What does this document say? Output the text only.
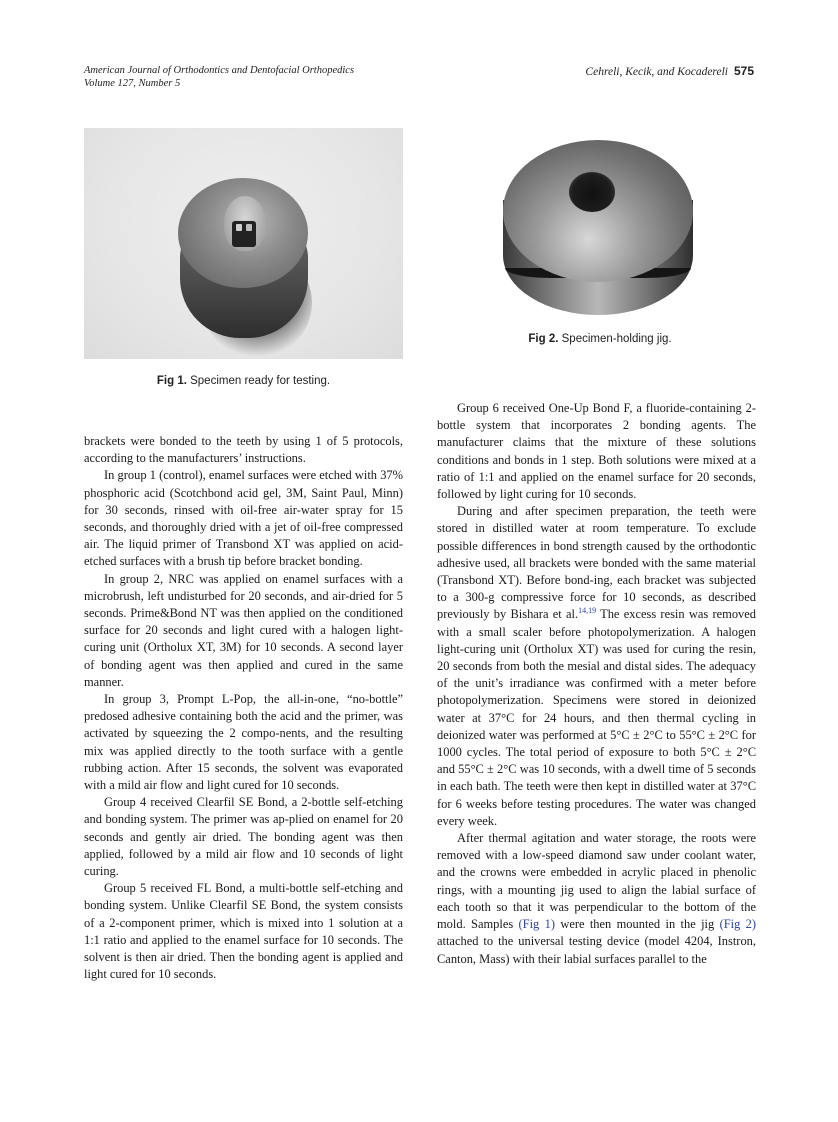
American Journal of Orthodontics and Dentofacial Orthopedics
Volume 127, Number 5
Cehreli, Kecik, and Kocadereli 575
Fig 1. Specimen ready for testing.
Fig 2. Specimen-holding jig.

brackets were bonded to the teeth by using 1 of 5 protocols, according to the manufacturers’ instructions.

In group 1 (control), enamel surfaces were etched with 37% phosphoric acid (Scotchbond acid gel, 3M, Saint Paul, Minn) for 30 seconds, rinsed with oil-free air-water spray for 15 seconds, and thoroughly dried with a jet of oil-free compressed air. The liquid primer of Transbond XT was applied on acid-etched surfaces with a brush tip before bracket bonding.

In group 2, NRC was applied on enamel surfaces with a microbrush, left undisturbed for 20 seconds, and air-dried for 5 seconds. Prime&Bond NT was then applied on the conditioned surface for 20 seconds and light cured with a halogen light-curing unit (Ortholux XT, 3M) for 10 seconds. A second layer of bonding agent was then applied and cured in the same manner.

In group 3, Prompt L-Pop, the all-in-one, “no-bottle” predosed adhesive containing both the acid and the primer, was activated by squeezing the 2 compo-nents, and the resulting mix was applied directly to the tooth surface with a gentle rubbing action. After 15 seconds, the solvent was evaporated with a mild air flow and light cured for 10 seconds.

Group 4 received Clearfil SE Bond, a 2-bottle self-etching and bonding system. The primer was ap-plied on enamel for 20 seconds and gently air dried. The bonding agent was then applied, followed by a mild air flow and 10 seconds of light curing.

Group 5 received FL Bond, a multi-bottle self-etching and bonding system. Unlike Clearfil SE Bond, the system consists of a 2-component primer, which is mixed into 1 solution at a 1:1 ratio and applied to the enamel surface for 10 seconds. The solvent is then air dried. Then the bonding agent is applied and light cured for 10 seconds.

Group 6 received One-Up Bond F, a fluoride-containing 2-bottle system that incorporates 2 bonding agents. The manufacturer claims that the mixture of these solutions conditions and bonds in 1 step. Both solutions were mixed at a ratio of 1:1 and applied on the enamel surface for 20 seconds, followed by light curing for 10 seconds.

During and after specimen preparation, the teeth were stored in distilled water at room temperature. To exclude possible differences in bond strength caused by the orthodontic adhesive used, all brackets were bonded with the same material (Transbond XT). Before bond-ing, each bracket was subjected to a 300-g compressive force for 10 seconds, as described previously by Bishara et al.$^{14,19}$ The excess resin was removed with a small scaler before photopolymerization. A halogen light-curing unit (Ortholux XT) was used for curing the resin, 20 seconds from both the mesial and distal sides. The adequacy of the unit’s irradiance was confirmed with a meter before photopolymerization. Specimens were stored in deionized water at 37°C for 24 hours, and then thermal cycling in deionized water was performed at 5°C ± 2°C to 55°C ± 2°C for 1000 cycles. The total period of exposure to both 5°C ± 2°C and 55°C ± 2°C was 10 seconds, with a dwell time of 5 seconds in each bath. The teeth were then kept in distilled water at 37°C for 6 weeks before testing procedures. The water was changed every week.

After thermal agitation and water storage, the roots were removed with a low-speed diamond saw under coolant water, and the crowns were embedded in acrylic placed in phenolic rings, with a mounting jig used to align the labial surface of each tooth so that it was perpendicular to the bottom of the mold. Samples (Fig 1) were then mounted in the jig (Fig 2) attached to the universal testing device (model 4204, Instron, Canton, Mass) with their labial surfaces parallel to the
